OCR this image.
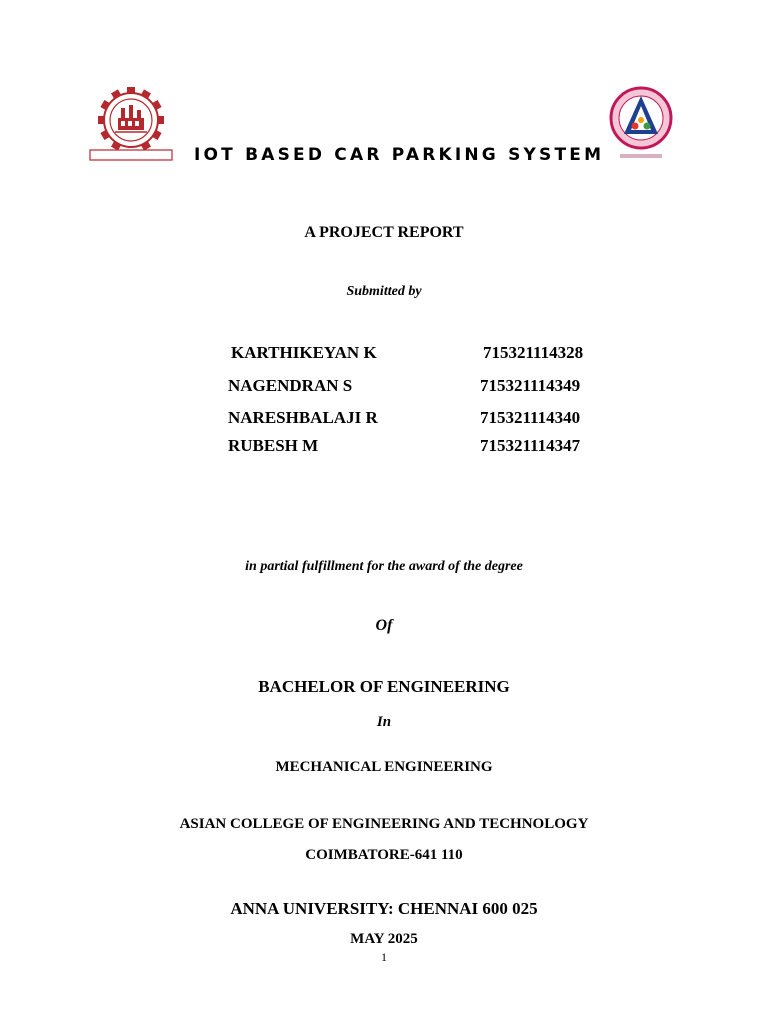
IOT BASED CAR PARKING SYSTEM
A PROJECT REPORT
Submitted by
KARTHIKEYAN K	715321114328
NAGENDRAN S	715321114349
NARESHBALAJI R	715321114340
RUBESH M	715321114347
in partial fulfillment for the award of the degree
Of
BACHELOR OF ENGINEERING
In
MECHANICAL ENGINEERING
ASIAN COLLEGE OF ENGINEERING AND TECHNOLOGY
COIMBATORE-641 110
ANNA UNIVERSITY: CHENNAI 600 025
MAY 2025
1
